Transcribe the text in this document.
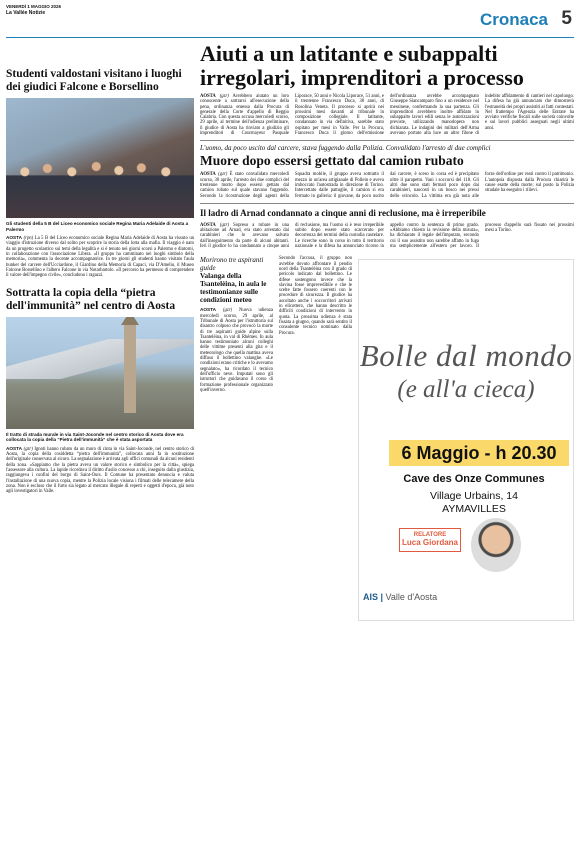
VENERDÌ 1 MAGGIO 2026
La Vallée Notizie	Cronaca 5
Studenti valdostani visitano i luoghi dei giudici Falcone e Borsellino
Gli studenti della 5 B del Liceo economico sociale Regina Maria Adelaide di Aosta a Palermo
AOSTA (rpn) La 5 B del Liceo economico sociale Regina Maria Adelaide di Aosta ha vissuto un viaggio d'istruzione diverso dal solito per scoprire la storia della lotta alla mafia. Il viaggio è nato da un progetto scolastico sui temi della legalità e si è tenuto nei giorni scorsi a Palermo e dintorni, in collaborazione con l'associazione Libera. «Il gruppo ha camminato nei luoghi simbolo della memoria», commenta la docente accompagnatrice. In tre giorni gli studenti hanno visitato l'aula bunker del carcere dell'Ucciardone, il Giardino della Memoria di Capaci, via D'Amelio, il Museo Falcone Borsellino e l'albero Falcone in via Notarbartolo. «Il percorso ha permesso di comprendere il valore dell'impegno civile», concludono i ragazzi.
Sottratta la copia della “pietra dell'immunità” nel centro di Aosta
Il tratto di strada murale in via Saint-Joconde nel centro storico di Aosta dove era collocata la copia della “Pietra dell'immunità” che è stata asportata
AOSTA (gzr) Ignoti hanno rubato da un muro di cinta in via Saint-Joconde, nel centro storico di Aosta, la copia della cosiddetta “pietra dell'immunità”, collocata anni fa in sostituzione dell'originale conservata al sicuro. La segnalazione è arrivata agli uffici comunali da alcuni residenti della zona. «Sappiamo che la pietra aveva un valore storico e simbolico per la città», spiega l'assessore alla cultura. La lapide ricordava il diritto d'asilo concesso a chi, inseguito dalla giustizia, raggiungeva i confini del borgo di Saint-Ours. Il Comune ha presentato denuncia e valuta l'installazione di una nuova copia, mentre la Polizia locale visiona i filmati delle telecamere della zona. Non è escluso che il furto sia legato al mercato illegale di reperti e oggetti d'epoca, già noto agli investigatori in Valle.
Aiuti a un latitante e subappalti irregolari, imprenditori a processo
AOSTA (gzr) Avrebbero aiutato un loro conoscente a sottrarsi all'esecuzione della pena, ordinanza emessa dalla Procura di generale della Corte d'appello di Reggio Calabria. Con questa accusa mercoledì scorso, 29 aprile, al termine dell'udienza preliminare, il giudice di Aosta ha rinviato a giudizio gli imprenditori di Courmayeur Pasquale Liporace, 50 anni e Nicola Liporace, 51 anni, e il trentenne Francesco Duca, 38 anni, di Rosolina Veneta. Il processo si aprirà nei prossimi mesi davanti al tribunale in composizione collegiale. Il latitante, condannato in via definitiva, sarebbe stato ospitato per mesi in Valle. Per la Procura, Francesco Duca il giorno dell'emissione dell'ordinanza avrebbe accompagnato Giuseppe Siancamparo fino a un residence nel messinese, confermando la sua partenza. Gli imprenditori avrebbero inoltre affidato in subappalto lavori edili senza le autorizzazioni previste, utilizzando manodopera non dichiarata. Le indagini dei militari dell'Arma avevano portato alla luce un altro filone di indebito affidamento di cantieri nel capoluogo. La difesa ha già annunciato che dimostrerà l'estraneità dei propri assistiti ai fatti contestati. Nel frattempo l'Agenzia delle Entrate ha avviato verifiche fiscali sulle società coinvolte e sui lavori pubblici assegnati negli ultimi anni.
L'uomo, da poco uscito dal carcere, stava fuggendo dalla Polizia. Convalidato l'arresto di due complici
Muore dopo essersi gettato dal camion rubato
AOSTA (gzr) È stato convalidato mercoledì scorso, 30 aprile, l'arresto dei due complici del trentenne morto dopo essersi gettato dal camion rubato sul quale stavano fuggendo. Secondo la ricostruzione degli agenti della Squadra mobile, il gruppo aveva sottratto il mezzo in un'area artigianale di Pollein e aveva imboccato l'autostrada in direzione di Torino. Intercettato dalle pattuglie, il camion si era fermato in galleria: il giovane, da poco uscito dal carcere, è sceso in corsa ed è precipitato oltre il parapetto. Vani i soccorsi del 118. Gli altri due sono stati fermati poco dopo dai carabinieri, nascosti in un bosco nei pressi dello svincolo. La vittima era già nota alle forze dell'ordine per reati contro il patrimonio. L'autopsia disposta dalla Procura chiarirà le cause esatte della morte; sul posto la Polizia stradale ha eseguito i rilievi.
Il ladro di Arnad condannato a cinque anni di reclusione, ma è irreperibile
AOSTA (gzr) Sopreso a rubare in una abitazione ad Arnad, era stato arrestato dai carabinieri che lo avevano salvato dall'inseguimento da parte di alcuni abitanti. Ieri il giudice lo ha condannato a cinque anni di reclusione, ma l'uomo si è reso irreperibile subito dopo essere stato scarcerato per decorrenza dei termini della custodia cautelare. Le ricerche sono in corso in tutto il territorio nazionale e la difesa ha annunciato ricorso in appello contro la sentenza di primo grado. «Abbiamo chiesto la revisione della misura», ha dichiarato il legale dell'imputato, secondo cui il suo assistito non sarebbe affatto in fuga ma semplicemente all'estero per lavoro. Il processo d'appello sarà fissato nei prossimi mesi a Torino.
Morirono tre aspiranti guide
Valanga della Tsantelèina, in aula le testimonianze sulle condizioni meteo
AOSTA (gzr) Nuova udienza mercoledì scorso, 29 aprile, al Tribunale di Aosta per l'istruttoria sul disastro colposo che provocò la morte di tre aspiranti guide alpine sulla Tsantelèina, in val di Rhêmes. In aula hanno testimoniato alcuni colleghi delle vittime presenti alla gita e il meteorologo che quella mattina aveva diffuso il bollettino valanghe. «Le condizioni erano critiche e lo avevamo segnalato», ha ricordato il tecnico dell'ufficio neve. Imputati sono gli istruttori che guidavano il corso di formazione professionale organizzato quell'inverno.
Secondo l'accusa, il gruppo non avrebbe dovuto affrontare il pendio nord della Tsantelèina con il grado di pericolo indicato dal bollettino. Le difese sostengono invece che la slavina fosse imprevedibile e che le scelte fatte fossero coerenti con le procedure di sicurezza. Il giudice ha ascoltato anche i soccorritori arrivati in elicottero, che hanno descritto le difficili condizioni di intervento in quota. La prossima udienza è stata fissata a giugno, quando sarà sentito il consulente tecnico nominato dalla Procura.
Bolle dal mondo
(e all'a cieca)
6 Maggio - h 20.30
Cave des Onze Communes
Village Urbains, 14
AYMAVILLES
RELATORE
Luca Giordana
AIS | Valle d'Aosta
